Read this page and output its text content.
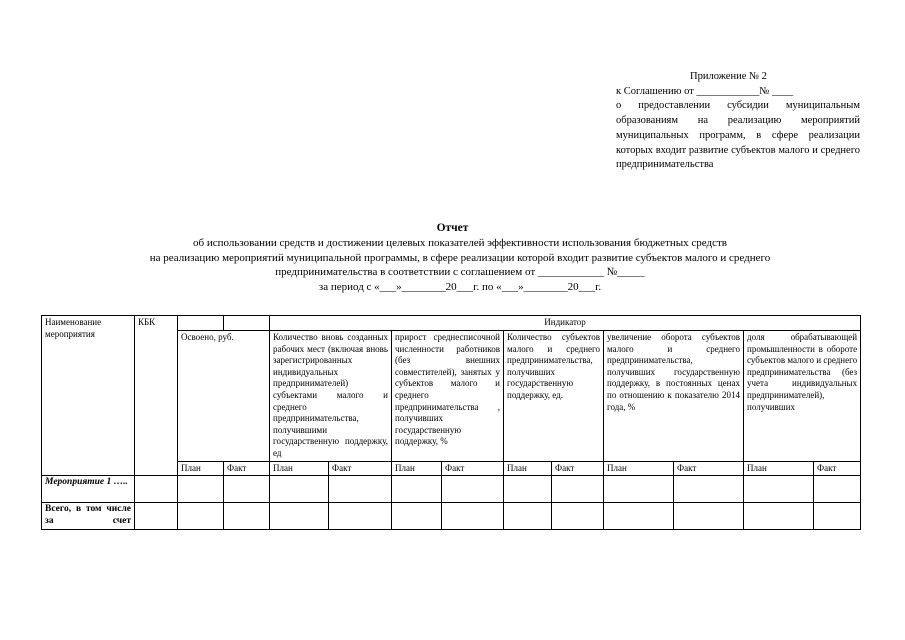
Приложение № 2
к Соглашению от ____________№ ____
о предоставлении субсидии муниципальным образованиям на реализацию мероприятий муниципальных программ, в сфере реализации которых входит развитие субъектов малого и среднего предпринимательства
Отчет
об использовании средств и достижении целевых показателей эффективности использования бюджетных средств
на реализацию мероприятий муниципальной программы, в сфере реализации которой входит развитие субъектов малого и среднего
предпринимательства в соответствии с соглашением от ____________ №_____
за период с «___»________20___г. по «___»________20___г.
Наименование мероприятия	КБК			Индикатор									
		Освоено, руб.		Количество вновь созданных рабочих мест (включая вновь зарегистрированных индивидуальных предпринимателей) субъектами малого и среднего предпринимательства, получившими государственную поддержку, ед		прирост среднесписочной численности работников (без внешних совместителей), занятых у субъектов малого и среднего предпринимательства , получивших государственную поддержку, %		Количество субъектов малого и среднего предпринимательства, получивших государственную поддержку, ед.		увеличение оборота субъектов малого и среднего предпринимательства, получивших государственную поддержку, в постоянных ценах по отношению к показателю 2014 года, %		доля обрабатывающей промышленности в обороте субъектов малого и среднего предпринимательства (без учета индивидуальных предпринимателей), получивших	
		План	Факт	План	Факт	План	Факт	План	Факт	План	Факт	План	Факт
Мероприятие 1 …..													
Всего, в том числе за счет													
